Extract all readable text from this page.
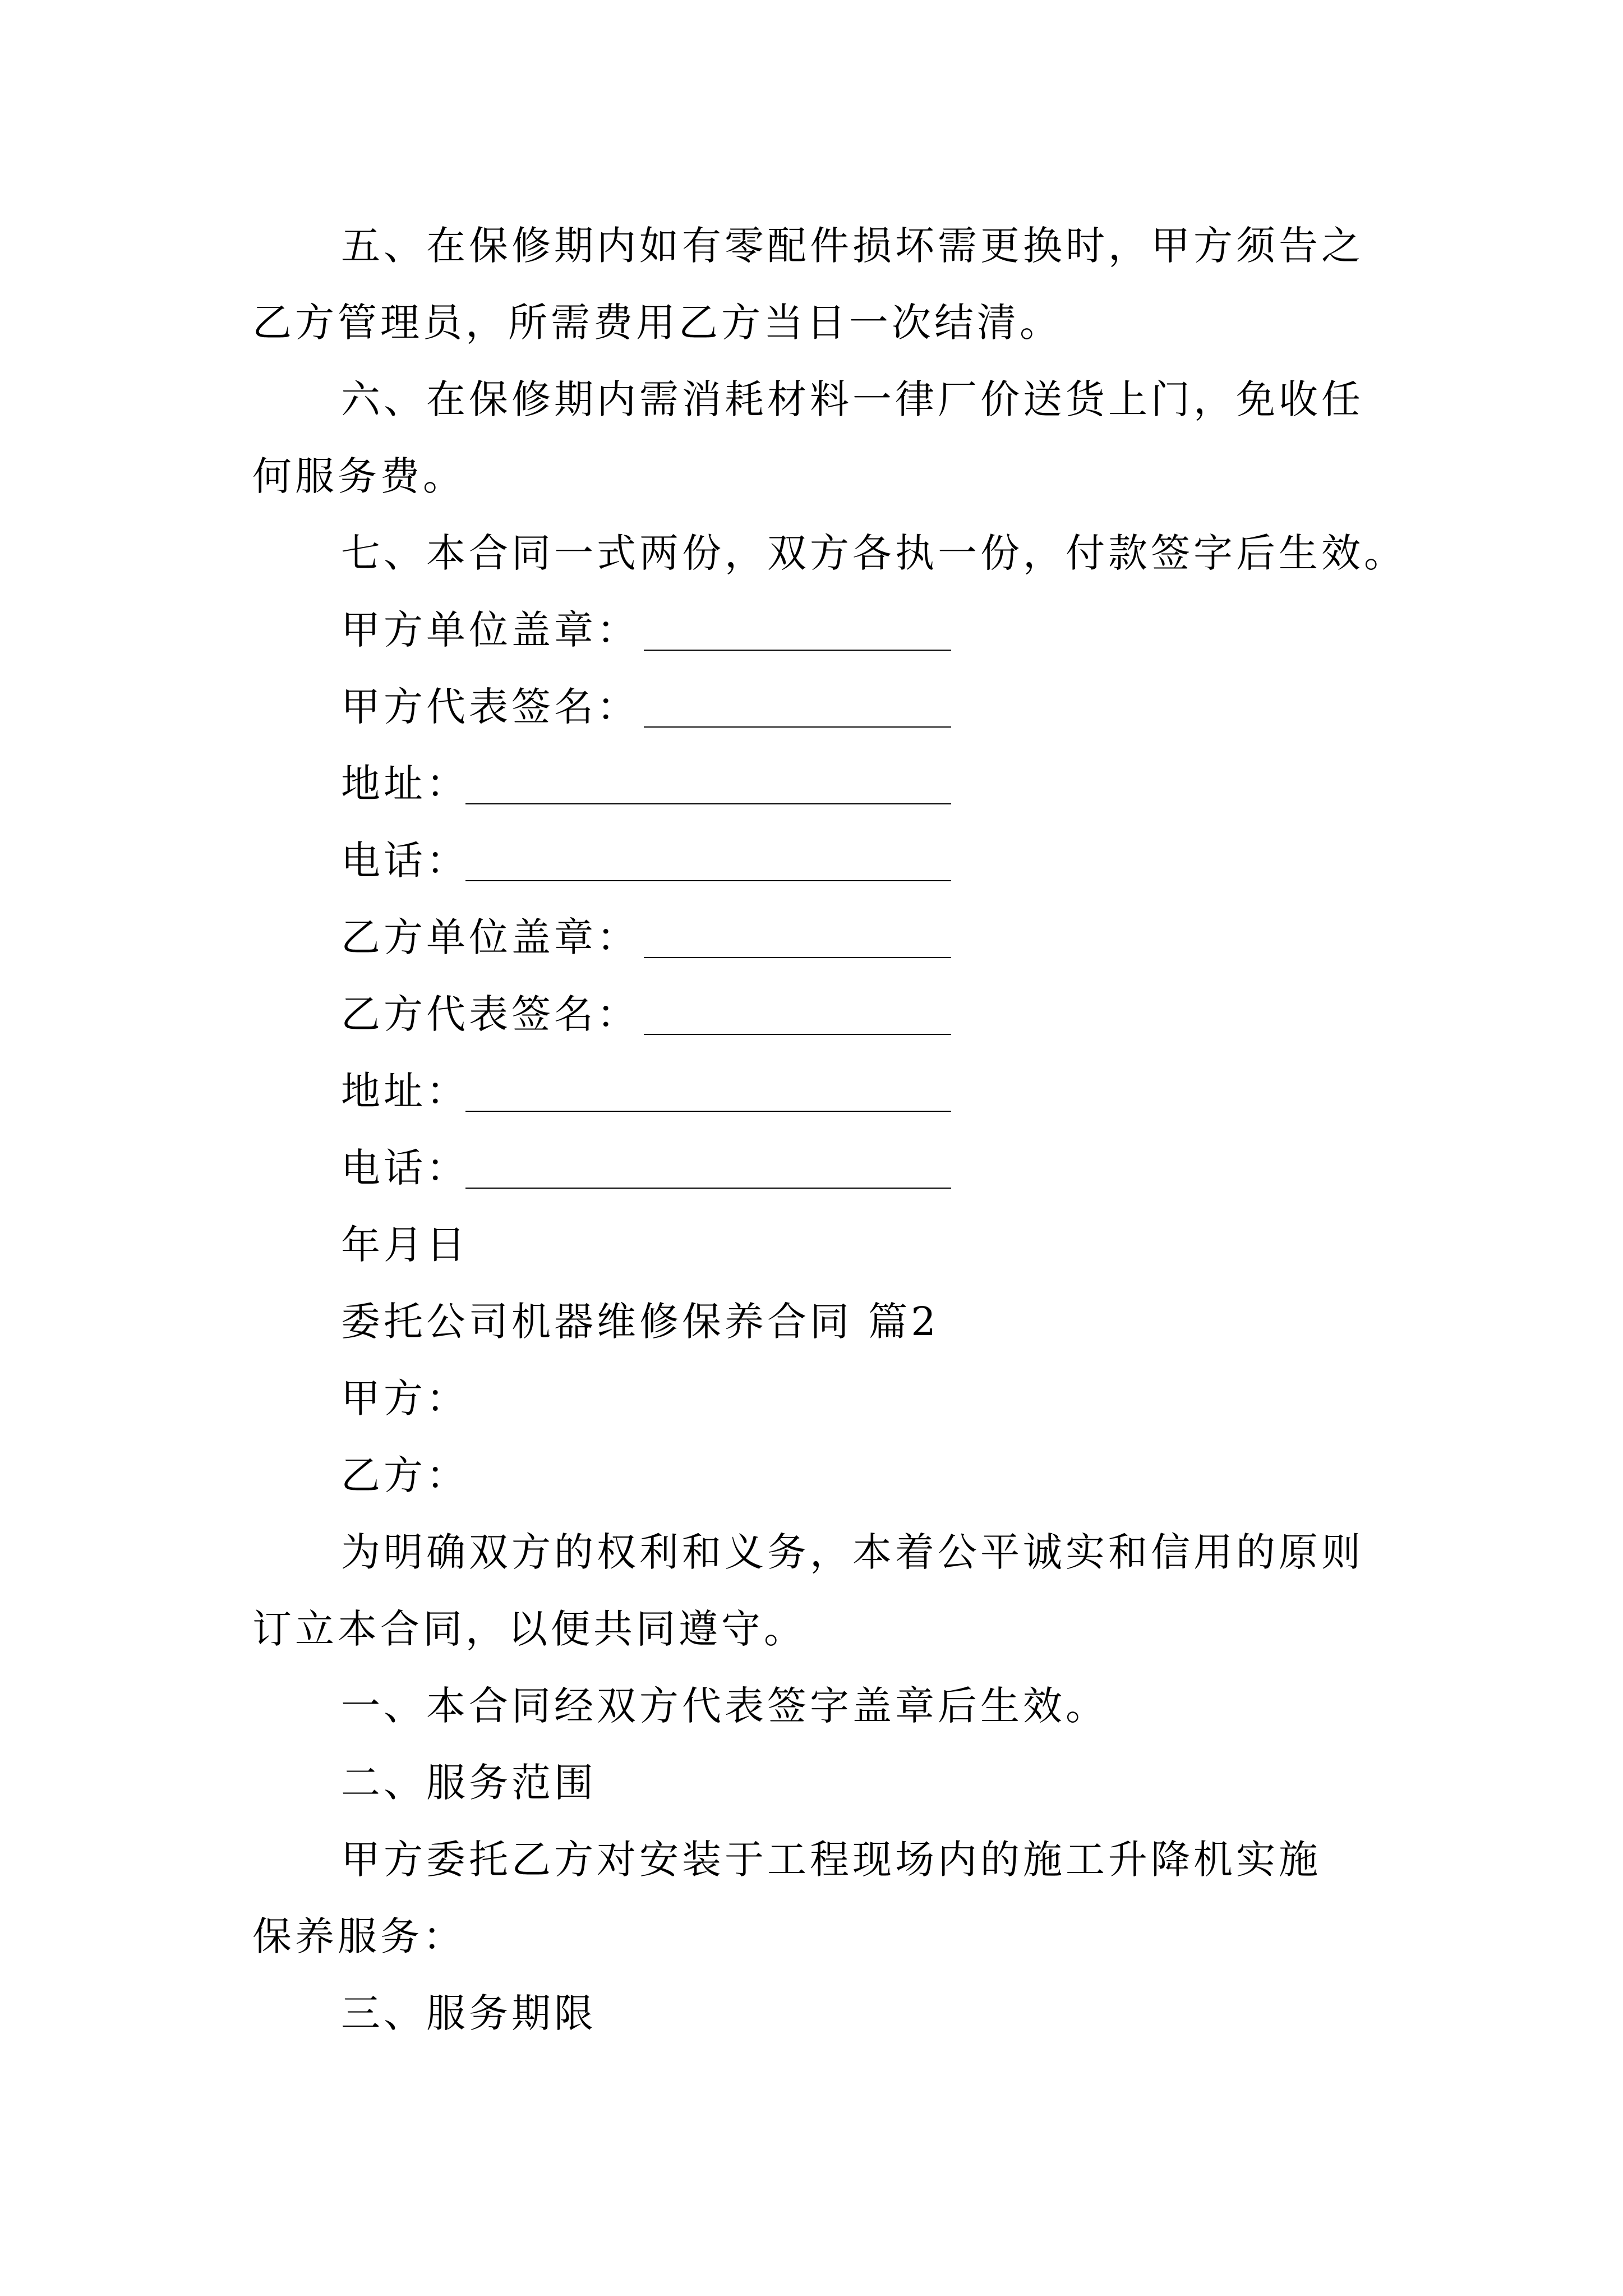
五、在保修期内如有零配件损坏需更换时，甲方须告之
乙方管理员，所需费用乙方当日一次结清。
六、在保修期内需消耗材料一律厂价送货上门，免收任
何服务费。
七、本合同一式两份，双方各执一份，付款签字后生效。
甲方单位盖章：
甲方代表签名：
地址：
电话：
乙方单位盖章：
乙方代表签名：
地址：
电话：
年月日
委托公司机器维修保养合同 篇2
甲方：
乙方：
为明确双方的权利和义务，本着公平诚实和信用的原则
订立本合同，以便共同遵守。
一、本合同经双方代表签字盖章后生效。
二、服务范围
甲方委托乙方对安装于工程现场内的施工升降机实施
保养服务：
三、服务期限
